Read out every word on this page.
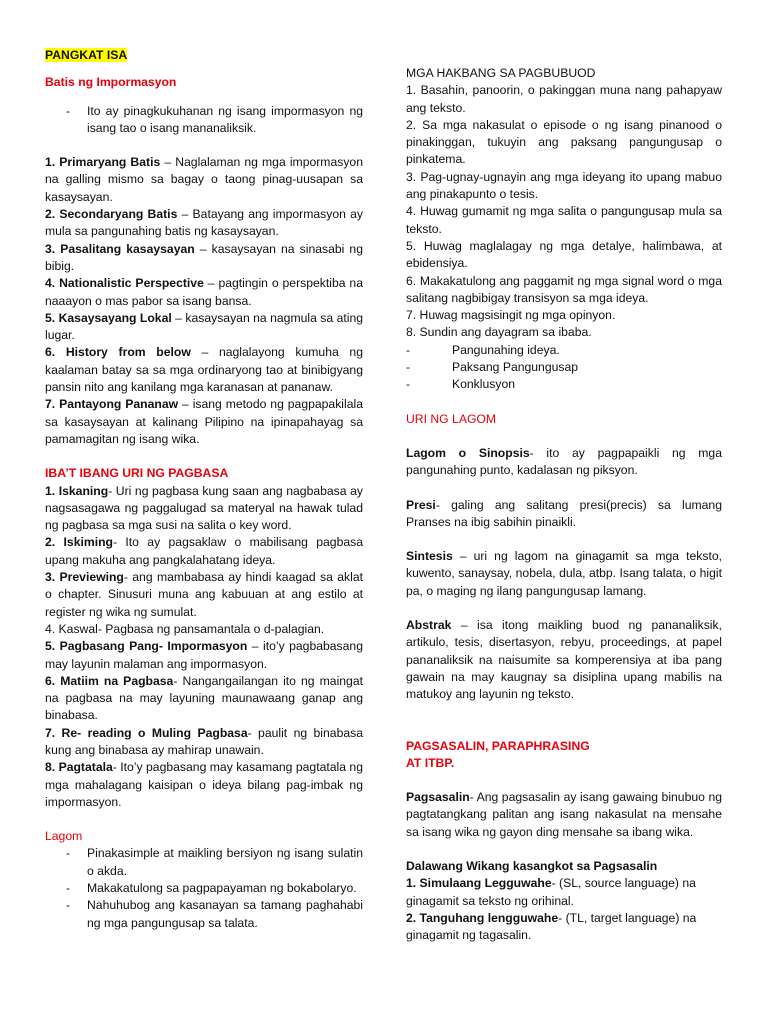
PANGKAT ISA

Batis ng Impormasyon

-	Ito ay pinagkukuhanan ng isang impormasyon ng isang tao o isang mananaliksik.

1. Primaryang Batis – Naglalaman ng mga impormasyon na galling mismo sa bagay o taong pinag-uusapan sa kasaysayan.

2. Secondaryang Batis – Batayang ang impormasyon ay mula sa pangunahing batis ng kasaysayan.

3. Pasalitang kasaysayan – kasaysayan na sinasabi ng bibig.

4. Nationalistic Perspective – pagtingin o perspektiba na naaayon o mas pabor sa isang bansa.

5. Kasaysayang Lokal – kasaysayan na nagmula sa ating lugar.

6. History from below – naglalayong kumuha ng kaalaman batay sa sa mga ordinaryong tao at binibigyang pansin nito ang kanilang mga karanasan at pananaw.

7. Pantayong Pananaw – isang metodo ng pagpapakilala sa kasaysayan at kalinang Pilipino na ipinapahayag sa pamamagitan ng isang wika.

IBA’T IBANG URI NG PAGBASA

1. Iskaning- Uri ng pagbasa kung saan ang nagbabasa ay nagsasagawa ng paggalugad sa materyal na hawak tulad ng pagbasa sa mga susi na salita o key word.

2. Iskiming- Ito ay pagsaklaw o mabilisang pagbasa upang makuha ang pangkalahatang ideya.

3. Previewing- ang mambabasa ay hindi kaagad sa aklat o chapter. Sinusuri muna ang kabuuan at ang estilo at register ng wika ng sumulat.

4. Kaswal- Pagbasa ng pansamantala o d-palagian.

5. Pagbasang Pang- Impormasyon – ito’y pagbabasang may layunin malaman ang impormasyon.

6. Matiim na Pagbasa- Nangangailangan ito ng maingat na pagbasa na may layuning maunawaang ganap ang binabasa.

7. Re- reading o Muling Pagbasa- paulit ng binabasa kung ang binabasa ay mahirap unawain.

8. Pagtatala- Ito’y pagbasang may kasamang pagtatala ng mga mahalagang kaisipan o ideya bilang pag-imbak ng impormasyon.

Lagom

-	Pinakasimple at maikling bersiyon ng isang sulatin o akda.
-	Makakatulong sa pagpapayaman ng bokabolaryo.
-	Nahuhubog ang kasanayan sa tamang paghahabi ng mga pangungusap sa talata.

MGA HAKBANG SA PAGBUBUOD

1. Basahin, panoorin, o pakinggan muna nang pahapyaw ang teksto.

2. Sa mga nakasulat o episode o ng isang pinanood o pinakinggan, tukuyin ang paksang pangungusap o pinkatema.

3. Pag-ugnay-ugnayin ang mga ideyang ito upang mabuo ang pinakapunto o tesis.

4. Huwag gumamit ng mga salita o pangungusap mula sa teksto.

5. Huwag maglalagay ng mga detalye, halimbawa, at ebidensiya.

6. Makakatulong ang paggamit ng mga signal word o mga salitang nagbibigay transisyon sa mga ideya.

7. Huwag magsisingit ng mga opinyon.

8. Sundin ang dayagram sa ibaba.

-	Pangunahing ideya.
-	Paksang Pangungusap
-	Konklusyon

URI NG LAGOM

Lagom o Sinopsis- ito ay pagpapaikli ng mga pangunahing punto, kadalasan ng piksyon.

Presi- galing ang salitang presi(precis) sa lumang Pranses na ibig sabihin pinaikli.

Sintesis – uri ng lagom na ginagamit sa mga teksto, kuwento, sanaysay, nobela, dula, atbp. Isang talata, o higit pa, o maging ng ilang pangungusap lamang.

Abstrak – isa itong maikling buod ng pananaliksik, artikulo, tesis, disertasyon, rebyu, proceedings, at papel pananaliksik na naisumite sa komperensiya at iba pang gawain na may kaugnay sa disiplina upang mabilis na matukoy ang layunin ng teksto.

PAGSASALIN, PARAPHRASING
AT ITBP.

Pagsasalin- Ang pagsasalin ay isang gawaing binubuo ng pagtatangkang palitan ang isang nakasulat na mensahe sa isang wika ng gayon ding mensahe sa ibang wika.

Dalawang Wikang kasangkot sa Pagsasalin

1. Simulaang Legguwahe- (SL, source language) na ginagamit sa teksto ng orihinal.

2. Tanguhang lengguwahe- (TL, target language) na ginagamit ng tagasalin.
